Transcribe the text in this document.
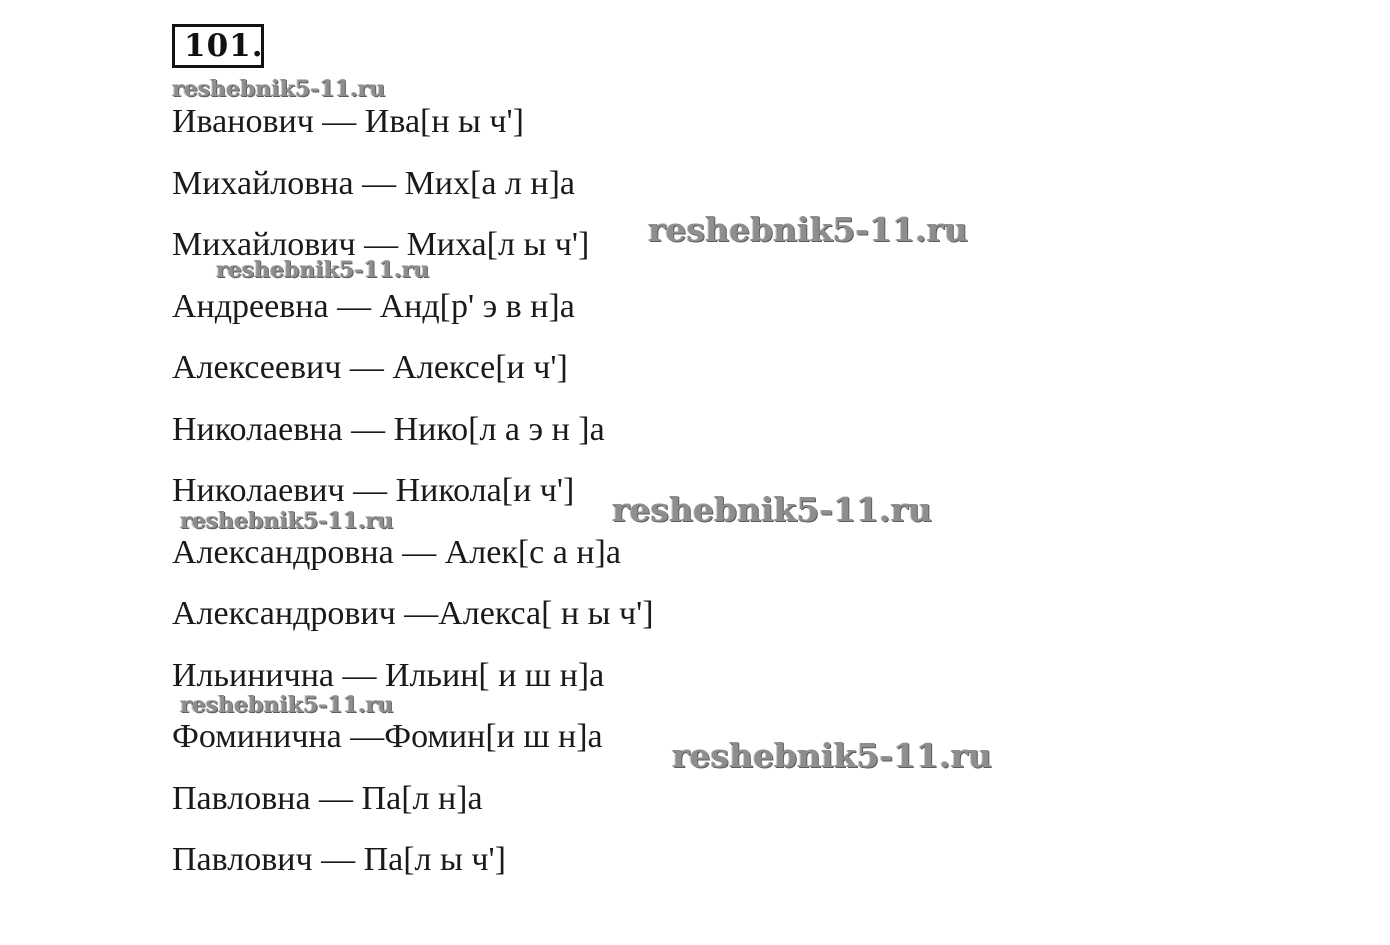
101.
Иванович — Ива[н ы ч']
Михайловна — Мих[а л н]а
Михайлович — Миха[л ы ч']
Андреевна — Анд[р' э в н]а
Алексеевич — Алексе[и ч']
Николаевна — Нико[л а э н ]а
Николаевич — Никола[и ч']
Александровна — Алек[с а н]а
Александрович —Алекса[ н ы ч']
Ильинична — Ильин[ и ш н]а
Фоминична —Фомин[и ш н]а
Павловна — Па[л н]а
Павлович — Па[л ы ч']
reshebnik5-11.ru
reshebnik5-11.ru
reshebnik5-11.ru
reshebnik5-11.ru
reshebnik5-11.ru
reshebnik5-11.ru
reshebnik5-11.ru
